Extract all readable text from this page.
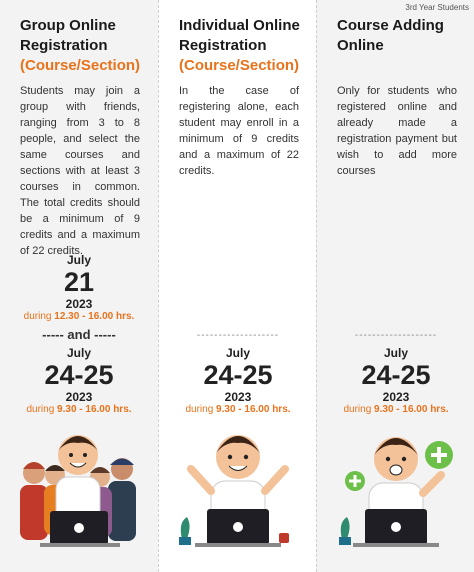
Group Online
Registration
(Course/Section)
Students may join a group with friends, ranging from 3 to 8 people, and select the same courses and sections with at least 3 courses in common. The total credits should be a minimum of 9 credits and a maximum of 22 credits.
July
21
2023
during 12.30 - 16.00 hrs.
----- and -----
July
24-25
2023
during 9.30 - 16.00 hrs.
Individual Online
Registration
(Course/Section)
In the case of registering alone, each student may enroll in a minimum of 9 credits and a maximum of 22 credits.
-------------------
July
24-25
2023
during 9.30 - 16.00 hrs.
3rd Year Students
Course Adding
Online
Only for students who registered online and already made a registration payment but wish to add more courses
-------------------
July
24-25
2023
during 9.30 - 16.00 hrs.
